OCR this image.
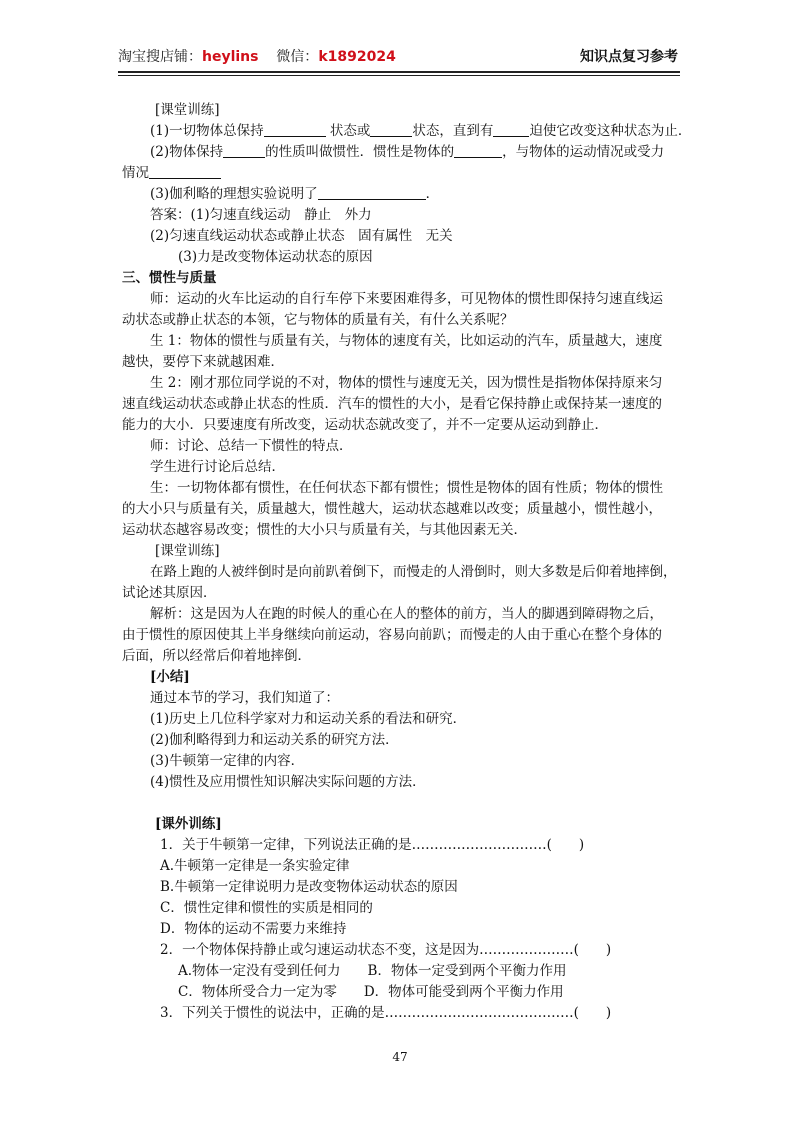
淘宝搜店铺：heylins 微信：k1892024	知识点复习参考
[课堂训练]
(1)一切物体总保持	状态或	状态，直到有	迫使它改变这种状态为止．
(2)物体保持	的性质叫做惯性．惯性是物体的	，与物体的运动情况或受力
情况
(3)伽利略的理想实验说明了	．
答案：(1)匀速直线运动　静止　外力
(2)匀速直线运动状态或静止状态　固有属性　无关
(3)力是改变物体运动状态的原因
三、惯性与质量
师：运动的火车比运动的自行车停下来要困难得多，可见物体的惯性即保持匀速直线运
动状态或静止状态的本领，它与物体的质量有关，有什么关系呢？
生 1：物体的惯性与质量有关，与物体的速度有关，比如运动的汽车，质量越大，速度
越快，要停下来就越困难．
生 2：刚才那位同学说的不对，物体的惯性与速度无关，因为惯性是指物体保持原来匀
速直线运动状态或静止状态的性质．汽车的惯性的大小，是看它保持静止或保持某一速度的
能力的大小．只要速度有所改变，运动状态就改变了，并不一定要从运动到静止．
师：讨论、总结一下惯性的特点．
学生进行讨论后总结．
生：一切物体都有惯性，在任何状态下都有惯性；惯性是物体的固有性质；物体的惯性
的大小只与质量有关，质量越大，惯性越大，运动状态越难以改变；质量越小，惯性越小，
运动状态越容易改变；惯性的大小只与质量有关，与其他因素无关．
[课堂训练]
在路上跑的人被绊倒时是向前趴着倒下，而慢走的人滑倒时，则大多数是后仰着地摔倒，
试论述其原因．
解析：这是因为人在跑的时候人的重心在人的整体的前方，当人的脚遇到障碍物之后，
由于惯性的原因使其上半身继续向前运动，容易向前趴；而慢走的人由于重心在整个身体的
后面，所以经常后仰着地摔倒．
[小结]
通过本节的学习，我们知道了：
(1)历史上几位科学家对力和运动关系的看法和研究．
(2)伽利略得到力和运动关系的研究方法．
(3)牛顿第一定律的内容．
(4)惯性及应用惯性知识解决实际问题的方法．
[课外训练]
1．关于牛顿第一定律，下列说法正确的是…………………………(　　)
A.牛顿第一定律是一条实验定律
B.牛顿第一定律说明力是改变物体运动状态的原因
C．惯性定律和惯性的实质是相同的
D．物体的运动不需要力来维持
2．一个物体保持静止或匀速运动状态不变，这是因为…………………(　　)
A.物体一定没有受到任何力　　B．物体一定受到两个平衡力作用
C．物体所受合力一定为零　　D．物体可能受到两个平衡力作用
3．下列关于惯性的说法中，正确的是……………………………………(　　)
47
